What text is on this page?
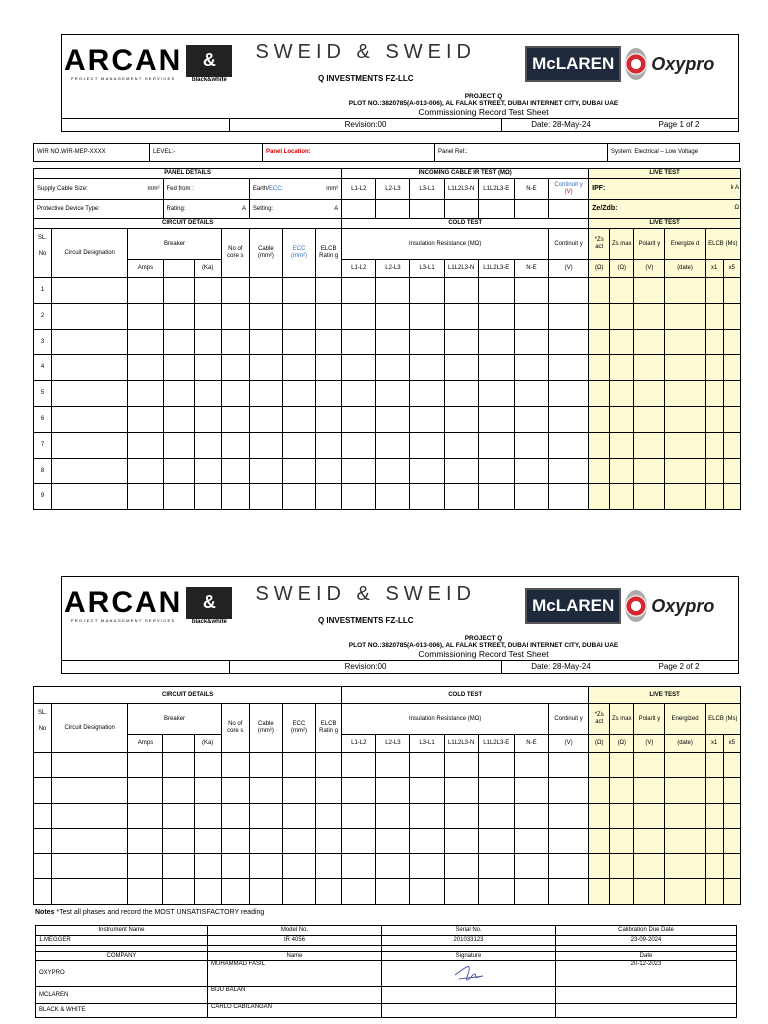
ARCAN
PROJECT MANAGEMENT SERVICES
&
black&white
SWEID & SWEID
Q INVESTMENTS FZ-LLC
McLAREN	Oxypro

PROJECT Q
PLOT NO.:3820785(A-013-006), AL FALAK STREET, DUBAI INTERNET CITY, DUBAI UAE
Commissioning Record Test Sheet

	Revision:00	Date: 28-May-24	Page 1 of 2
WIR NO.WIR-MEP-XXXX	LEVEL:-	Panel Location:	Panel Ref.:	System: Electrical – Low Voltage
PANEL DETAILS									INCOMING CABLE IR TEST (MΩ)							LIVE TEST					
Supply Cable Size: mm²			Fed from :			Earth/ECC: mm²			L1-L2	L2-L3	L3-L1	L1L2L3-N	L1L2L3-E	N-E	Continuit y (V)	IPF: k A					

Protective Device Type:			Rating: A			Setting: A										Ze/Zdb: Ω					

CIRCUIT DETAILS									COLD TEST							LIVE TEST					

SL.
No	Circuit Designation	Breaker			No of core s	Cable (mm²)	ECC (mm²)	ELCB Ratin g	Insulation Resistance (MΩ)						Continuit y	*Zs act	Zs max	Polarit y	Energize d	ELCB (Ms)	
		Amps		(Ka)					L1-L2	L2-L3	L3-L1	L1L2L3-N	L1L2L3-E	N-E	(V)	(Ω)	(Ω)	(V)	(date)	x1	x5
1																					
2																					
3																					
4																					
5																					
6																					
7																					
8																					
9																					
ARCAN
PROJECT MANAGEMENT SERVICES
&
black&white
SWEID & SWEID
Q INVESTMENTS FZ-LLC
McLAREN	Oxypro

PROJECT Q
PLOT NO.:3820785(A-013-006), AL FALAK STREET, DUBAI INTERNET CITY, DUBAI UAE
Commissioning Record Test Sheet

	Revision:00	Date: 28-May-24	Page 2 of 2
CIRCUIT DETAILS									COLD TEST							LIVE TEST					

SL.
No	Circuit Designation	Breaker			No of core s	Cable (mm²)	ECC (mm²)	ELCB Ratin g	Insulation Resistance (MΩ)						Continuit y	*Zs act	Zs max	Polarit y	Energized	ELCB (Ms)	
		Amps		(Ka)					L1-L2	L2-L3	L3-L1	L1L2L3-N	L1L2L3-E	N-E	(V)	(Ω)	(Ω)	(V)	(date)	x1	x5

Notes *Test all phases and record the MOST UNSATISFACTORY reading
Instrument Name	Model No.	Serial No.	Calibration Due Date
1.MEGGER	IR 4056	201033123	23-09-2024

COMPANY	Name	Signature	Date
OXYPRO	MUHAMMAD FASIL		20-12-2023
MCLAREN	BIJU BALAN		
BLACK & WHITE	CARLO CABILANGAN		
